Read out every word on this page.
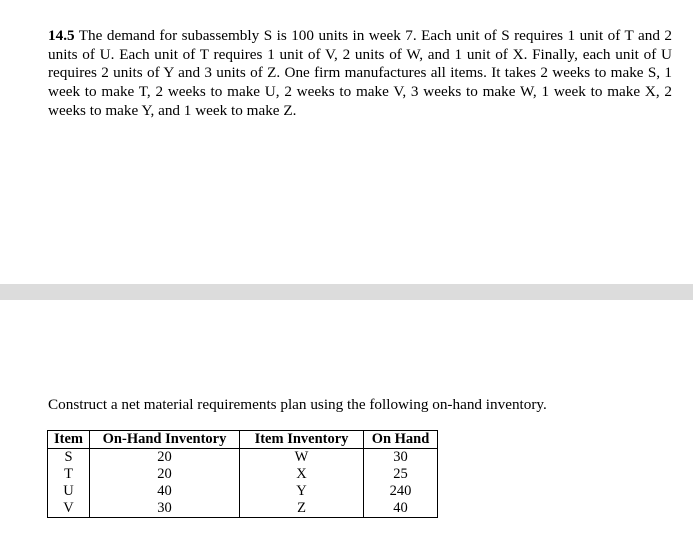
14.5 The demand for subassembly S is 100 units in week 7. Each unit of S requires 1 unit of T and 2 units of U. Each unit of T requires 1 unit of V, 2 units of W, and 1 unit of X. Finally, each unit of U requires 2 units of Y and 3 units of Z. One firm manufactures all items. It takes 2 weeks to make S, 1 week to make T, 2 weeks to make U, 2 weeks to make V, 3 weeks to make W, 1 week to make X, 2 weeks to make Y, and 1 week to make Z.

Construct a net material requirements plan using the following on-hand inventory.
Item	On-Hand Inventory	Item Inventory	On Hand
S	20	W	30
T	20	X	25
U	40	Y	240
V	30	Z	40
